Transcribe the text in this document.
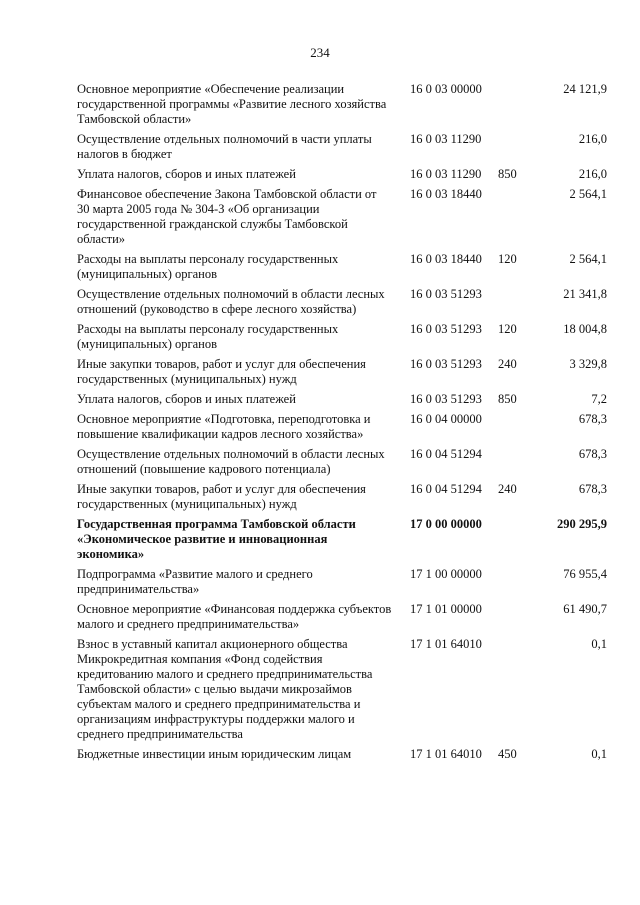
234
Основное мероприятие «Обеспечение реализации государственной программы «Развитие лесного хозяйства Тамбовской области»
16 0 03 00000	24 121,9
Осуществление отдельных полномочий в части уплаты налогов в бюджет
16 0 03 11290	216,0
Уплата налогов, сборов и иных платежей	16 0 03 11290 850	216,0
Финансовое обеспечение Закона Тамбовской области от 30 марта 2005 года № 304-З «Об организации государственной гражданской службы Тамбовской области»
16 0 03 18440	2 564,1
Расходы на выплаты персоналу государственных (муниципальных) органов
16 0 03 18440 120	2 564,1
Осуществление отдельных полномочий в области лесных отношений (руководство в сфере лесного хозяйства)
16 0 03 51293	21 341,8
Расходы на выплаты персоналу государственных (муниципальных) органов
16 0 03 51293 120	18 004,8
Иные закупки товаров, работ и услуг для обеспечения государственных (муниципальных) нужд
16 0 03 51293 240	3 329,8
Уплата налогов, сборов и иных платежей	16 0 03 51293 850	7,2
Основное мероприятие «Подготовка, переподготовка и повышение квалификации кадров лесного хозяйства»
16 0 04 00000	678,3
Осуществление отдельных полномочий в области лесных отношений (повышение кадрового потенциала)
16 0 04 51294	678,3
Иные закупки товаров, работ и услуг для обеспечения государственных (муниципальных) нужд
16 0 04 51294 240	678,3
Государственная программа Тамбовской области «Экономическое развитие и инновационная экономика»
17 0 00 00000	290 295,9
Подпрограмма «Развитие малого и среднего предпринимательства»
17 1 00 00000	76 955,4
Основное мероприятие «Финансовая поддержка субъектов малого и среднего предпринимательства»
17 1 01 00000	61 490,7
Взнос в уставный капитал акционерного общества Микрокредитная компания «Фонд содействия кредитованию малого и среднего предпринимательства Тамбовской области» с целью выдачи микрозаймов субъектам малого и среднего предпринимательства и организациям инфраструктуры поддержки малого и среднего предпринимательства
17 1 01 64010	0,1
Бюджетные инвестиции иным юридическим лицам	17 1 01 64010 450	0,1
